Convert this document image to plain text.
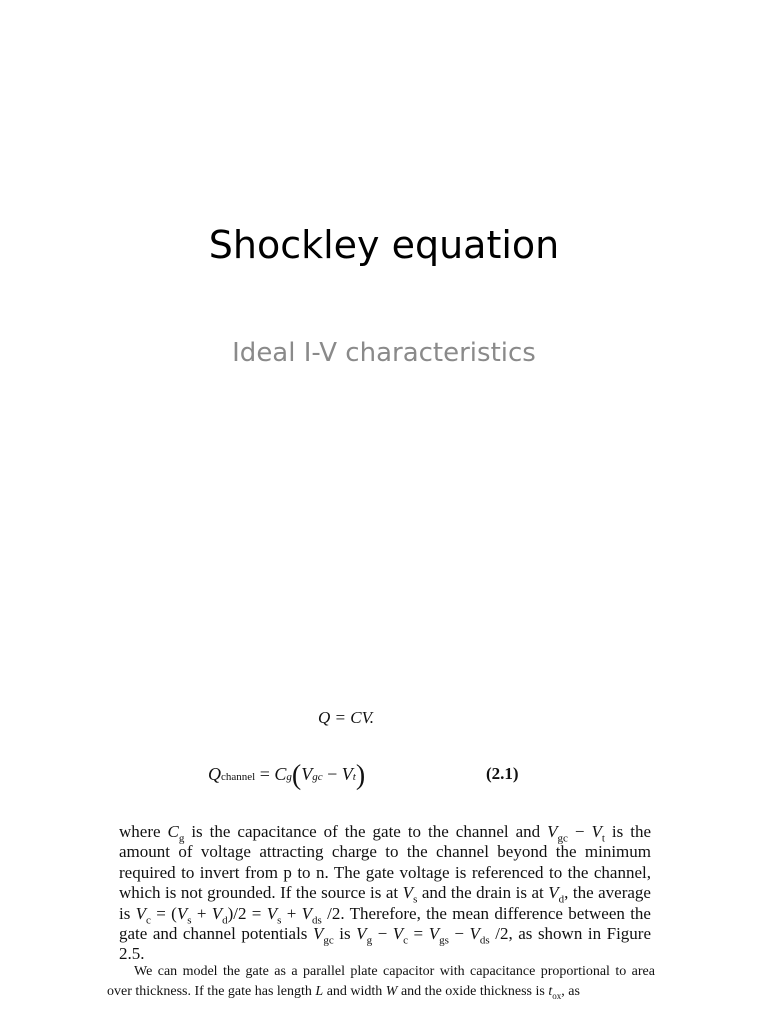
Shockley equation
Ideal I-V characteristics
Q = CV.
Qchannel = Cg(Vgc − Vt)	(2.1)
where $C_g$ is the capacitance of the gate to the channel and $V_{gc} - V_t$ is the amount of voltage attracting charge to the channel beyond the minimum required to invert from p to n. The gate voltage is referenced to the channel, which is not grounded. If the source is at $V_s$ and the drain is at $V_d$, the average is $V_c = (V_s + V_d)/2 = V_s + V_{ds}$ /2. Therefore, the mean difference between the gate and channel potentials $V_{gc}$ is $V_g - V_c = V_{gs} - V_{ds}$ /2, as shown in Figure 2.5.
We can model the gate as a parallel plate capacitor with capacitance proportional to area over thickness. If the gate has length L and width W and the oxide thickness is $t_{ox}$, as
